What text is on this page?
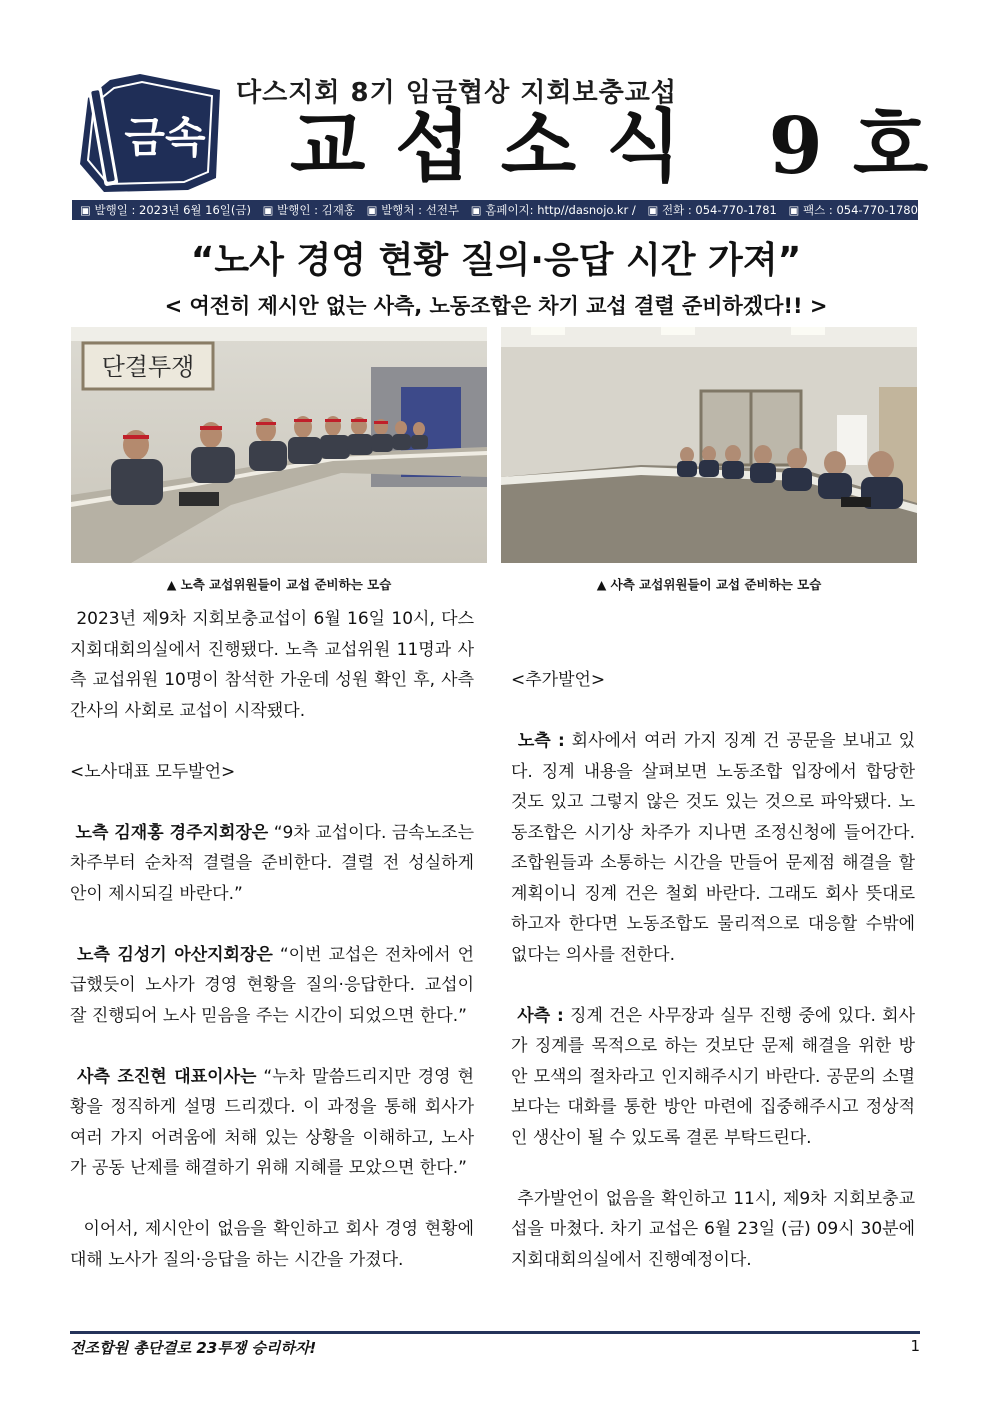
금속
다스지회 8기 임금협상 지회보충교섭
교섭소식 9호
▣ 발행일 : 2023년 6월 16일(금) ▣ 발행인 : 김재홍 ▣ 발행처 : 선전부 ▣ 홈페이지: http//dasnojo.kr / ▣ 전화 : 054-770-1781 ▣ 팩스 : 054-770-1780
“노사 경영 현황 질의·응답 시간 가져”
< 여전히 제시안 없는 사측, 노동조합은 차기 교섭 결렬 준비하겠다!! >
단결투쟁
▲ 노측 교섭위원들이 교섭 준비하는 모습	▲ 사측 교섭위원들이 교섭 준비하는 모습

2023년 제9차 지회보충교섭이 6월 16일 10시, 다스지회대회의실에서 진행됐다. 노측 교섭위원 11명과 사측 교섭위원 10명이 참석한 가운데 성원 확인 후, 사측 간사의 사회로 교섭이 시작됐다.

<노사대표 모두발언>

노측 김재홍 경주지회장은 “9차 교섭이다. 금속노조는 차주부터 순차적 결렬을 준비한다. 결렬 전 성실하게 안이 제시되길 바란다.”

노측 김성기 아산지회장은 “이번 교섭은 전차에서 언급했듯이 노사가 경영 현황을 질의·응답한다. 교섭이 잘 진행되어 노사 믿음을 주는 시간이 되었으면 한다.”

사측 조진현 대표이사는 “누차 말씀드리지만 경영 현황을 정직하게 설명 드리겠다. 이 과정을 통해 회사가 여러 가지 어려움에 처해 있는 상황을 이해하고, 노사가 공동 난제를 해결하기 위해 지혜를 모았으면 한다.”

이어서, 제시안이 없음을 확인하고 회사 경영 현황에 대해 노사가 질의·응답을 하는 시간을 가졌다.

<추가발언>

노측 : 회사에서 여러 가지 징계 건 공문을 보내고 있다. 징계 내용을 살펴보면 노동조합 입장에서 합당한 것도 있고 그렇지 않은 것도 있는 것으로 파악됐다. 노동조합은 시기상 차주가 지나면 조정신청에 들어간다. 조합원들과 소통하는 시간을 만들어 문제점 해결을 할 계획이니 징계 건은 철회 바란다. 그래도 회사 뜻대로 하고자 한다면 노동조합도 물리적으로 대응할 수밖에 없다는 의사를 전한다.

사측 : 징계 건은 사무장과 실무 진행 중에 있다. 회사가 징계를 목적으로 하는 것보단 문제 해결을 위한 방안 모색의 절차라고 인지해주시기 바란다. 공문의 소멸보다는 대화를 통한 방안 마련에 집중해주시고 정상적인 생산이 될 수 있도록 결론 부탁드린다.

추가발언이 없음을 확인하고 11시, 제9차 지회보충교섭을 마쳤다. 차기 교섭은 6월 23일 (금) 09시 30분에 지회대회의실에서 진행예정이다.

전조합원 총단결로 23투쟁 승리하자!	1
